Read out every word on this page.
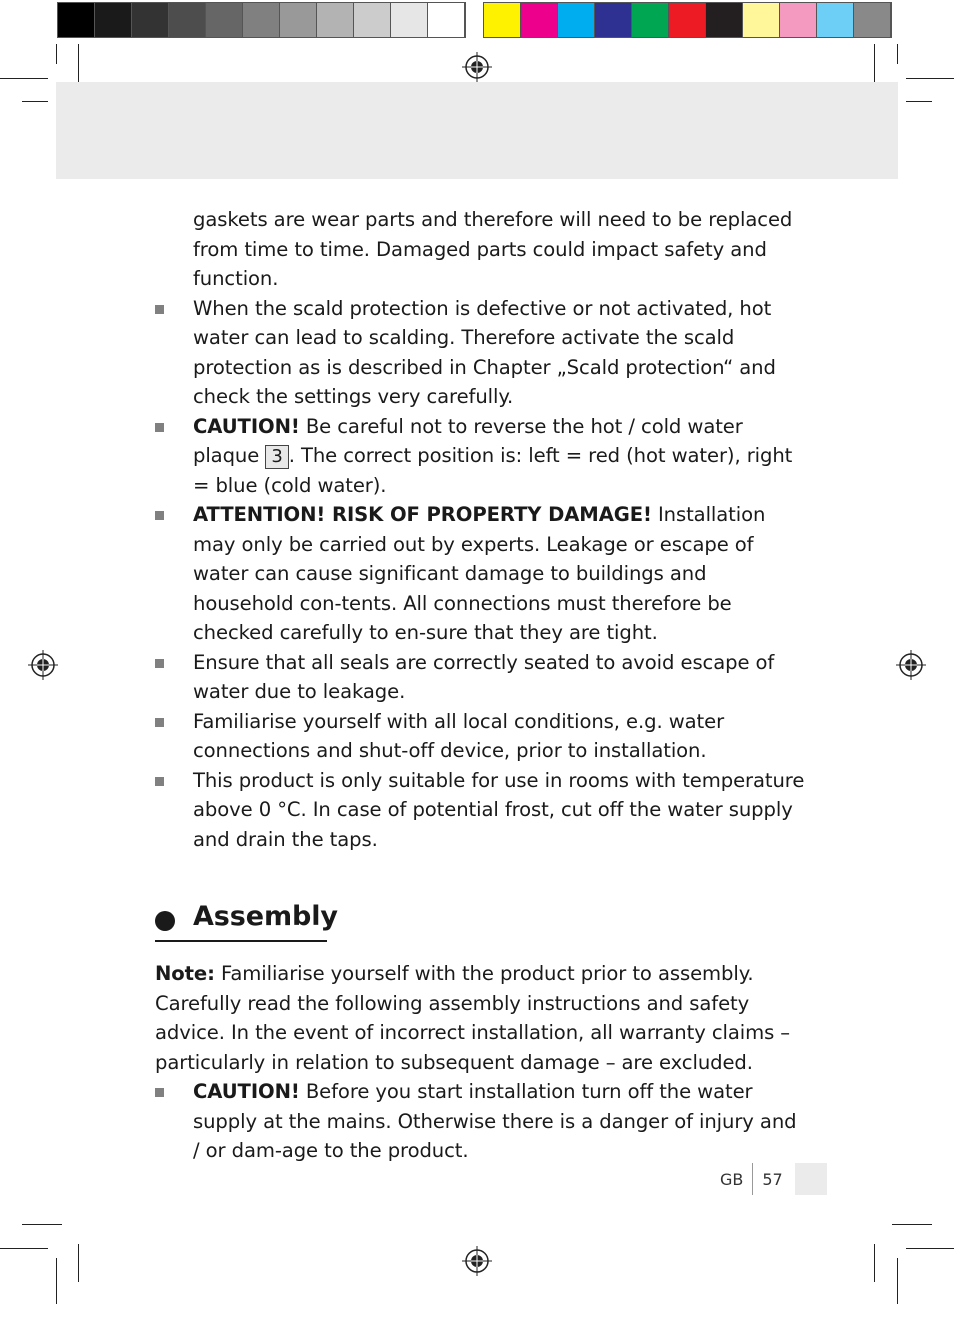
gaskets are wear parts and therefore will need to be replaced from time to time. Damaged parts could impact safety and function.

When the scald protection is defective or not activated, hot water can lead to scalding. Therefore activate the scald protection as is described in Chapter „Scald protection“ and check the settings very carefully.
CAUTION! Be careful not to reverse the hot / cold water plaque 3 . The correct position is: left = red (hot water), right = blue (cold water).
ATTENTION! RISK OF PROPERTY DAMAGE! Installation may only be carried out by experts. Leakage or escape of water can cause significant damage to buildings and household con-tents. All connections must therefore be checked carefully to en-sure that they are tight.
Ensure that all seals are correctly seated to avoid escape of water due to leakage.
Familiarise yourself with all local conditions, e.g. water connections and shut-off device, prior to installation.
This product is only suitable for use in rooms with temperature above 0 °C. In case of potential frost, cut off the water supply and drain the taps.
Assembly
Note: Familiarise yourself with the product prior to assembly. Carefully read the following assembly instructions and safety advice. In the event of incorrect installation, all warranty claims – particularly in relation to subsequent damage – are excluded.
CAUTION! Before you start installation turn off the water supply at the mains. Otherwise there is a danger of injury and / or dam-age to the product.
GB 57
